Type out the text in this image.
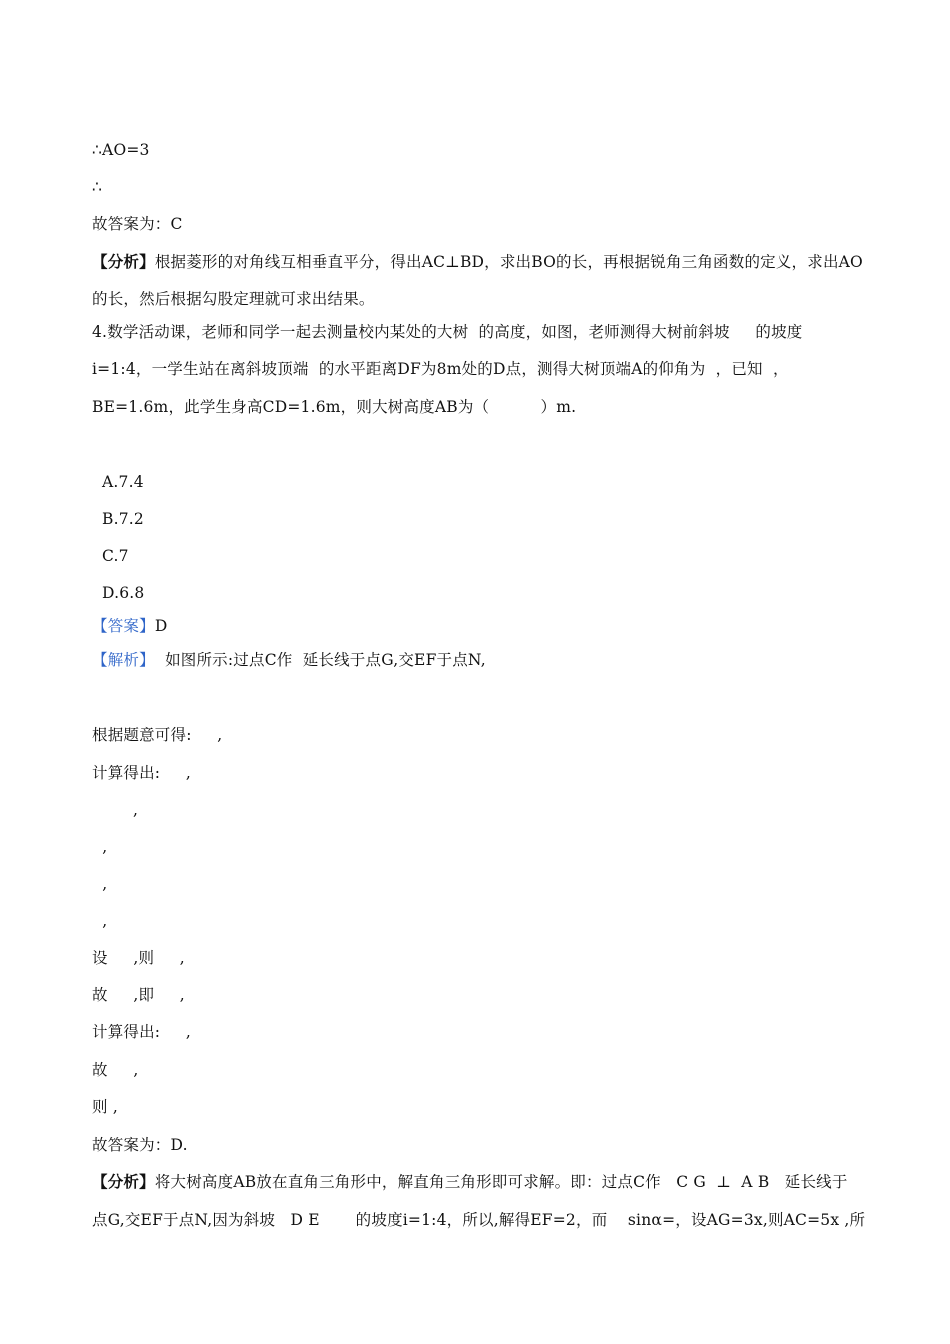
∴AO=3
∴
故答案为：C
【分析】根据菱形的对角线互相垂直平分，得出AC⊥BD，求出BO的长，再根据锐角三角函数的定义，求出AO
的长，然后根据勾股定理就可求出结果。
4.数学活动课，老师和同学一起去测量校内某处的大树  的高度，如图，老师测得大树前斜坡     的坡度
i=1:4，一学生站在离斜坡顶端  的水平距离DF为8m处的D点，测得大树顶端A的仰角为  ，已知  ，
BE=1.6m，此学生身高CD=1.6m，则大树高度AB为（          ）m.
A.7.4
B.7.2
C.7
D.6.8
【答案】D
【解析】  如图所示:过点C作  延长线于点G,交EF于点N,
根据题意可得:     ,
计算得出:     ,
,
,
,
,
设     ,则     ,
故     ,即     ,
计算得出:     ,
故     ,
则 ,
故答案为：D.
【分析】将大树高度AB放在直角三角形中，解直角三角形即可求解。即：过点C作   C G  ⊥  A B   延长线于
点G,交EF于点N,因为斜坡   D E       的坡度i=1:4，所以,解得EF=2，而    sinα=，设AG=3x,则AC=5x ,所
